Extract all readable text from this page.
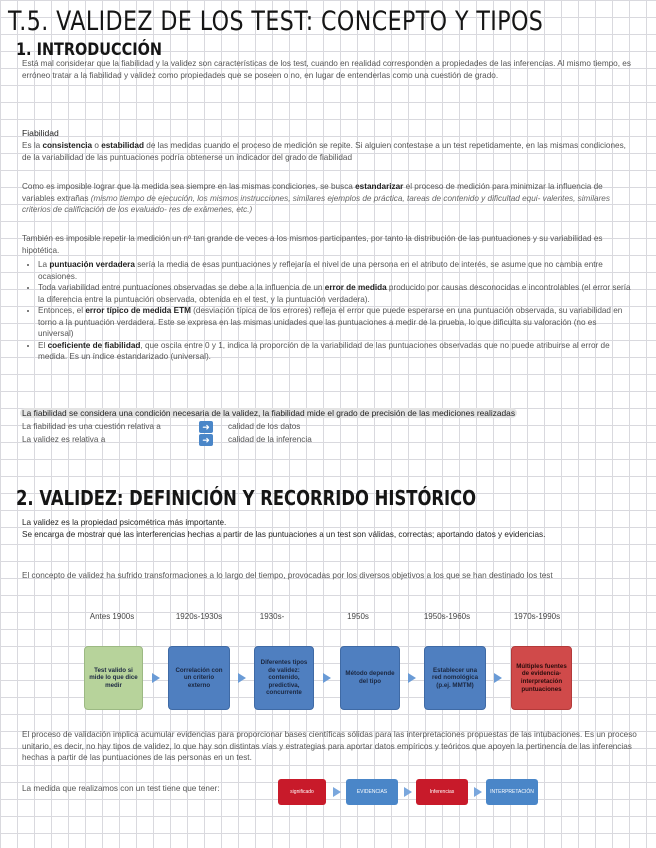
T.5. VALIDEZ DE LOS TEST: CONCEPTO Y TIPOS
1. INTRODUCCIÓN
Está mal considerar que la fiabilidad y la validez son características de los test, cuando en realidad corresponden a propiedades de las inferencias. Al mismo tiempo, es erróneo tratar a la fiabilidad y validez como propiedades que se poseen o no, en lugar de entenderlas como una cuestión de grado.
Fiabilidad
Es la consistencia o estabilidad de las medidas cuando el proceso de medición se repite. Si alguien contestase a un test repetidamente, en las mismas condiciones, de la variabilidad de las puntuaciones podría obtenerse un indicador del grado de fiabilidad
Como es imposible lograr que la medida sea siempre en las mismas condiciones, se busca estandarizar el proceso de medición para minimizar la influencia de variables extrañas (mismo tiempo de ejecución, los mismos instrucciones, similares ejemplos de práctica, tareas de contenido y dificultad equi- valentes, similares criterios de calificación de los evaluado- res de exámenes, etc.)
También es imposible repetir la medición un nº tan grande de veces a los mismos participantes, por tanto la distribución de las puntuaciones y su variabilidad es hipotética.
• La puntuación verdadera sería la media de esas puntuaciones y reflejaría el nivel de una persona en el atributo de interés, se asume que no cambia entre ocasiones.
• Toda variabilidad entre puntuaciones observadas se debe a la influencia de un error de medida producido por causas desconocidas e incontrolables (el error sería la diferencia entre la puntuación observada, obtenida en el test, y la puntuación verdadera).
• Entonces, el error típico de medida ETM (desviación típica de los errores) refleja el error que puede esperarse en una puntuación observada, su variabilidad en torno a la puntuación verdadera. Este se expresa en las mismas unidades que las puntuaciones a medir de la prueba, lo que dificulta su valoración (no es universal)
• El coeficiente de fiabilidad, que oscila entre 0 y 1, indica la proporción de la variabilidad de las puntuaciones observadas que no puede atribuirse al error de medida. Es un índice estandarizado (universal).
La fiabilidad se considera una condición necesaria de la validez, la fiabilidad mide el grado de precisión de las mediciones realizadas
La fiabilidad es una cuestión relativa a	➜	calidad de los datos
La validez es relativa a	➜	calidad de la inferencia
2. VALIDEZ: DEFINICIÓN Y RECORRIDO HISTÓRICO
La validez es la propiedad psicométrica más importante.
Se encarga de mostrar que las interferencias hechas a partir de las puntuaciones a un test son válidas, correctas; aportando datos y evidencias.
El concepto de validez ha sufrido transformaciones a lo largo del tiempo, provocadas por los diversos objetivos a los que se han destinado los test
Antes 1900s	1920s-1930s	1930s-	1950s	1950s-1960s	1970s-1990s
Test valido si mide lo que dice medir
Correlación con un criterio externo
Diferentes tipos de validez: contenido, predictiva, concurrente
Método depende del tipo
Establecer una red nomológica (p.ej. MMTM)
Múltiples fuentes de evidencia- interpretación puntuaciones
El proceso de validación implica acumular evidencias para proporcionar bases científicas sólidas para las interpretaciones propuestas de las intubaciones. Es un proceso unitario, es decir, no hay tipos de validez, lo que hay son distintas vías y estrategias para aportar datos empíricos y teóricos que apoyen la pertinencia de las inferencias hechas a partir de las puntuaciones de las personas en un test.
La medida que realizamos con un test tiene que tener:	significado	EVIDENCIAS	Inferencias	INTERPRETACIÓN
